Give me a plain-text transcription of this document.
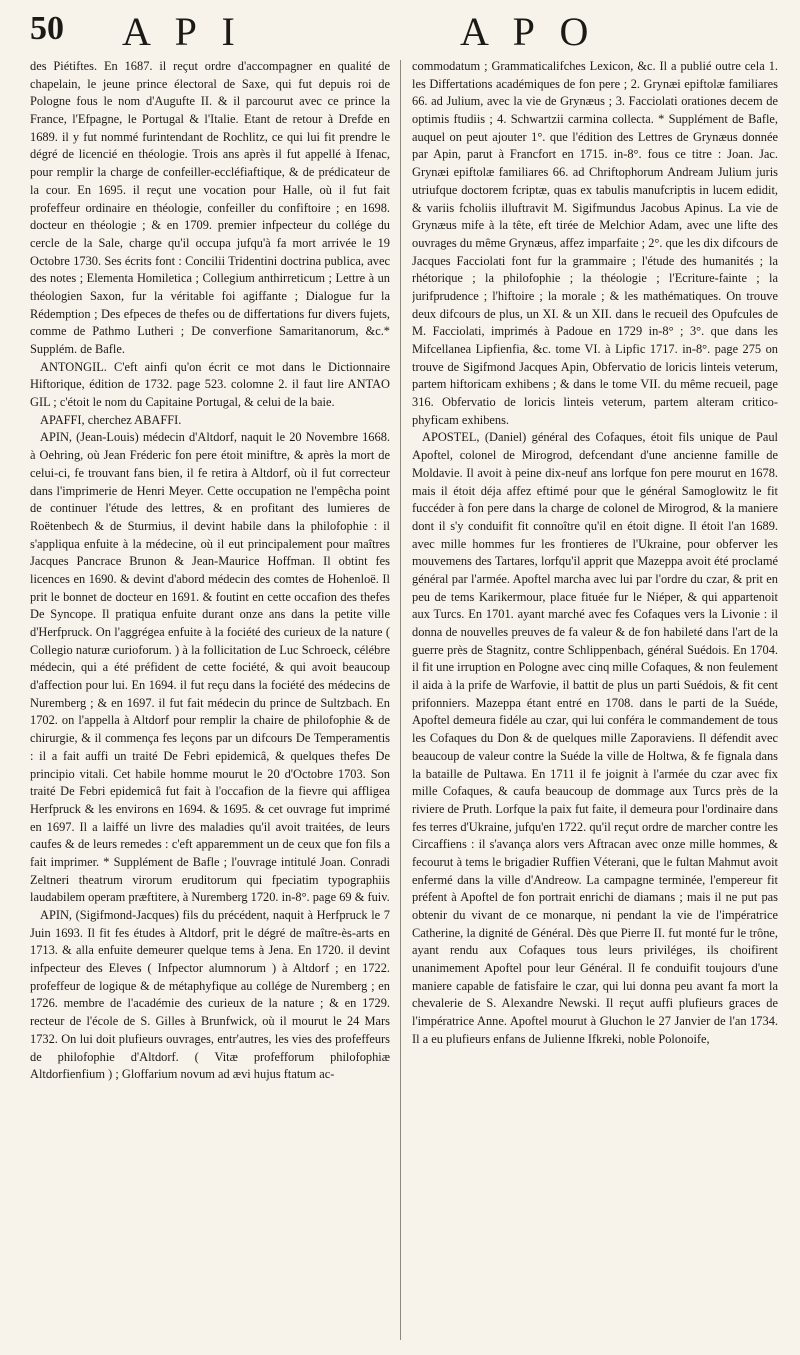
50 A P I	A P O

des Piétiftes. En 1687. il reçut ordre d'accompagner en qualité de chapelain, le jeune prince électoral de Saxe, qui fut depuis roi de Pologne fous le nom d'Augufte II. & il parcourut avec ce prince la France, l'Efpagne, le Portugal & l'Italie. Etant de retour à Drefde en 1689. il y fut nommé furintendant de Rochlitz, ce qui lui fit prendre le dégré de licencié en théologie. Trois ans après il fut appellé à Ifenac, pour remplir la charge de confeiller-eccléfiaftique, & de prédicateur de la cour. En 1695. il reçut une vocation pour Halle, où il fut fait profeffeur ordinaire en théologie, confeiller du confiftoire ; en 1698. docteur en théologie ; & en 1709. premier infpecteur du collége du cercle de la Sale, charge qu'il occupa jufqu'à fa mort arrivée le 19 Octobre 1730. Ses écrits font : Concilii Tridentini doctrina publica, avec des notes ; Elementa Homiletica ; Collegium anthirreticum ; Lettre à un théologien Saxon, fur la véritable foi agiffante ; Dialogue fur la Rédemption ; Des efpeces de thefes ou de differtations fur divers fujets, comme de Pathmo Lutheri ; De converfione Samaritanorum, &c.* Supplém. de Bafle.

ANTONGIL. C'eft ainfi qu'on écrit ce mot dans le Dictionnaire Hiftorique, édition de 1732. page 523. colomne 2. il faut lire ANTAO GIL ; c'étoit le nom du Capitaine Portugal, & celui de la baie.

APAFFI, cherchez ABAFFI.

APIN, (Jean-Louis) médecin d'Altdorf, naquit le 20 Novembre 1668. à Oehring, où Jean Fréderic fon pere étoit miniftre, & après la mort de celui-ci, fe trouvant fans bien, il fe retira à Altdorf, où il fut correcteur dans l'imprimerie de Henri Meyer. Cette occupation ne l'empêcha point de continuer l'étude des lettres, & en profitant des lumieres de Roëtenbech & de Sturmius, il devint habile dans la philofophie : il s'appliqua enfuite à la médecine, où il eut principalement pour maîtres Jacques Pancrace Brunon & Jean-Maurice Hoffman. Il obtint fes licences en 1690. & devint d'abord médecin des comtes de Hohenloë. Il prit le bonnet de docteur en 1691. & foutint en cette occafion des thefes De Syncope. Il pratiqua enfuite durant onze ans dans la petite ville d'Herfpruck. On l'aggrégea enfuite à la fociété des curieux de la nature ( Collegio naturæ curioforum. ) à la follicitation de Luc Schroeck, célébre médecin, qui a été préfident de cette fociété, & qui avoit beaucoup d'affection pour lui. En 1694. il fut reçu dans la fociété des médecins de Nuremberg ; & en 1697. il fut fait médecin du prince de Sultzbach. En 1702. on l'appella à Altdorf pour remplir la chaire de philofophie & de chirurgie, & il commença fes leçons par un difcours De Temperamentis : il a fait auffi un traité De Febri epidemicâ, & quelques thefes De principio vitali. Cet habile homme mourut le 20 d'Octobre 1703. Son traité De Febri epidemicâ fut fait à l'occafion de la fievre qui affligea Herfpruck & les environs en 1694. & 1695. & cet ouvrage fut imprimé en 1697. Il a laiffé un livre des maladies qu'il avoit traitées, de leurs caufes & de leurs remedes : c'eft apparemment un de ceux que fon fils a fait imprimer. * Supplément de Bafle ; l'ouvrage intitulé Joan. Conradi Zeltneri theatrum virorum eruditorum qui fpeciatim typographiis laudabilem operam præftitere, à Nuremberg 1720. in-8°. page 69 & fuiv.

APIN, (Sigifmond-Jacques) fils du précédent, naquit à Herfpruck le 7 Juin 1693. Il fit fes études à Altdorf, prit le dégré de maître-ès-arts en 1713. & alla enfuite demeurer quelque tems à Jena. En 1720. il devint infpecteur des Eleves ( Infpector alumnorum ) à Altdorf ; en 1722. profeffeur de logique & de métaphyfique au collége de Nuremberg ; en 1726. membre de l'académie des curieux de la nature ; & en 1729. recteur de l'école de S. Gilles à Brunfwick, où il mourut le 24 Mars 1732. On lui doit plufieurs ouvrages, entr'autres, les vies des profeffeurs de philofophie d'Altdorf. ( Vitæ profefforum philofophiæ Altdorfienfium ) ; Gloffarium novum ad ævi hujus ftatum ac-

commodatum ; Grammaticalifches Lexicon, &c. Il a publié outre cela 1. les Differtations académiques de fon pere ; 2. Grynæi epiftolæ familiares 66. ad Julium, avec la vie de Grynæus ; 3. Facciolati orationes decem de optimis ftudiis ; 4. Schwartzii carmina collecta. * Supplément de Bafle, auquel on peut ajouter 1°. que l'édition des Lettres de Grynæus donnée par Apin, parut à Francfort en 1715. in-8°. fous ce titre : Joan. Jac. Grynæi epiftolæ familiares 66. ad Chriftophorum Andream Julium juris utriufque doctorem fcriptæ, quas ex tabulis manufcriptis in lucem edidit, & variis fcholiis illuftravit M. Sigifmundus Jacobus Apinus. La vie de Grynæus mife à la tête, eft tirée de Melchior Adam, avec une lifte des ouvrages du même Grynæus, affez imparfaite ; 2°. que les dix difcours de Jacques Facciolati font fur la grammaire ; l'étude des humanités ; la rhétorique ; la philofophie ; la théologie ; l'Ecriture-fainte ; la jurifprudence ; l'hiftoire ; la morale ; & les mathématiques. On trouve deux difcours de plus, un XI. & un XII. dans le recueil des Opufcules de M. Facciolati, imprimés à Padoue en 1729 in-8° ; 3°. que dans les Mifcellanea Lipfienfia, &c. tome VI. à Lipfic 1717. in-8°. page 275 on trouve de Sigifmond Jacques Apin, Obfervatio de loricis linteis veterum, partem hiftoricam exhibens ; & dans le tome VII. du même recueil, page 316. Obfervatio de loricis linteis veterum, partem alteram critico-phyficam exhibens.

APOSTEL, (Daniel) général des Cofaques, étoit fils unique de Paul Apoftel, colonel de Mirogrod, defcendant d'une ancienne famille de Moldavie. Il avoit à peine dix-neuf ans lorfque fon pere mourut en 1678. mais il étoit déja affez eftimé pour que le général Samoglowitz le fit fuccéder à fon pere dans la charge de colonel de Mirogrod, & la maniere dont il s'y conduifit fit connoître qu'il en étoit digne. Il étoit l'an 1689. avec mille hommes fur les frontieres de l'Ukraine, pour obferver les mouvemens des Tartares, lorfqu'il apprit que Mazeppa avoit été proclamé général par l'armée. Apoftel marcha avec lui par l'ordre du czar, & prit en peu de tems Karikermour, place fituée fur le Niéper, & qui appartenoit aux Turcs. En 1701. ayant marché avec fes Cofaques vers la Livonie : il donna de nouvelles preuves de fa valeur & de fon habileté dans l'art de la guerre près de Stagnitz, contre Schlippenbach, général Suédois. En 1704. il fit une irruption en Pologne avec cinq mille Cofaques, & non feulement il aida à la prife de Warfovie, il battit de plus un parti Suédois, & fit cent prifonniers. Mazeppa étant entré en 1708. dans le parti de la Suéde, Apoftel demeura fidéle au czar, qui lui conféra le commandement de tous les Cofaques du Don & de quelques mille Zaporaviens. Il défendit avec beaucoup de valeur contre la Suéde la ville de Holtwa, & fe fignala dans la bataille de Pultawa. En 1711 il fe joignit à l'armée du czar avec fix mille Cofaques, & caufa beaucoup de dommage aux Turcs près de la riviere de Pruth. Lorfque la paix fut faite, il demeura pour l'ordinaire dans fes terres d'Ukraine, jufqu'en 1722. qu'il reçut ordre de marcher contre les Circaffiens : il s'avança alors vers Aftracan avec onze mille hommes, & fecourut à tems le brigadier Ruffien Véteranі, que le fultan Mahmut avoit enfermé dans la ville d'Andreow. La campagne terminée, l'empereur fit préfent à Apoftel de fon portrait enrichi de diamans ; mais il ne put pas obtenir du vivant de ce monarque, ni pendant la vie de l'impératrice Catherine, la dignité de Général. Dès que Pierre II. fut monté fur le trône, ayant rendu aux Cofaques tous leurs priviléges, ils choifirent unanimement Apoftel pour leur Général. Il fe conduifit toujours d'une maniere capable de fatisfaire le czar, qui lui donna peu avant fa mort la chevalerie de S. Alexandre Newski. Il reçut auffi plufieurs graces de l'impératrice Anne. Apoftel mourut à Gluchon le 27 Janvier de l'an 1734. Il a eu plufieurs enfans de Julienne Ifkreki, noble Polonoife,
